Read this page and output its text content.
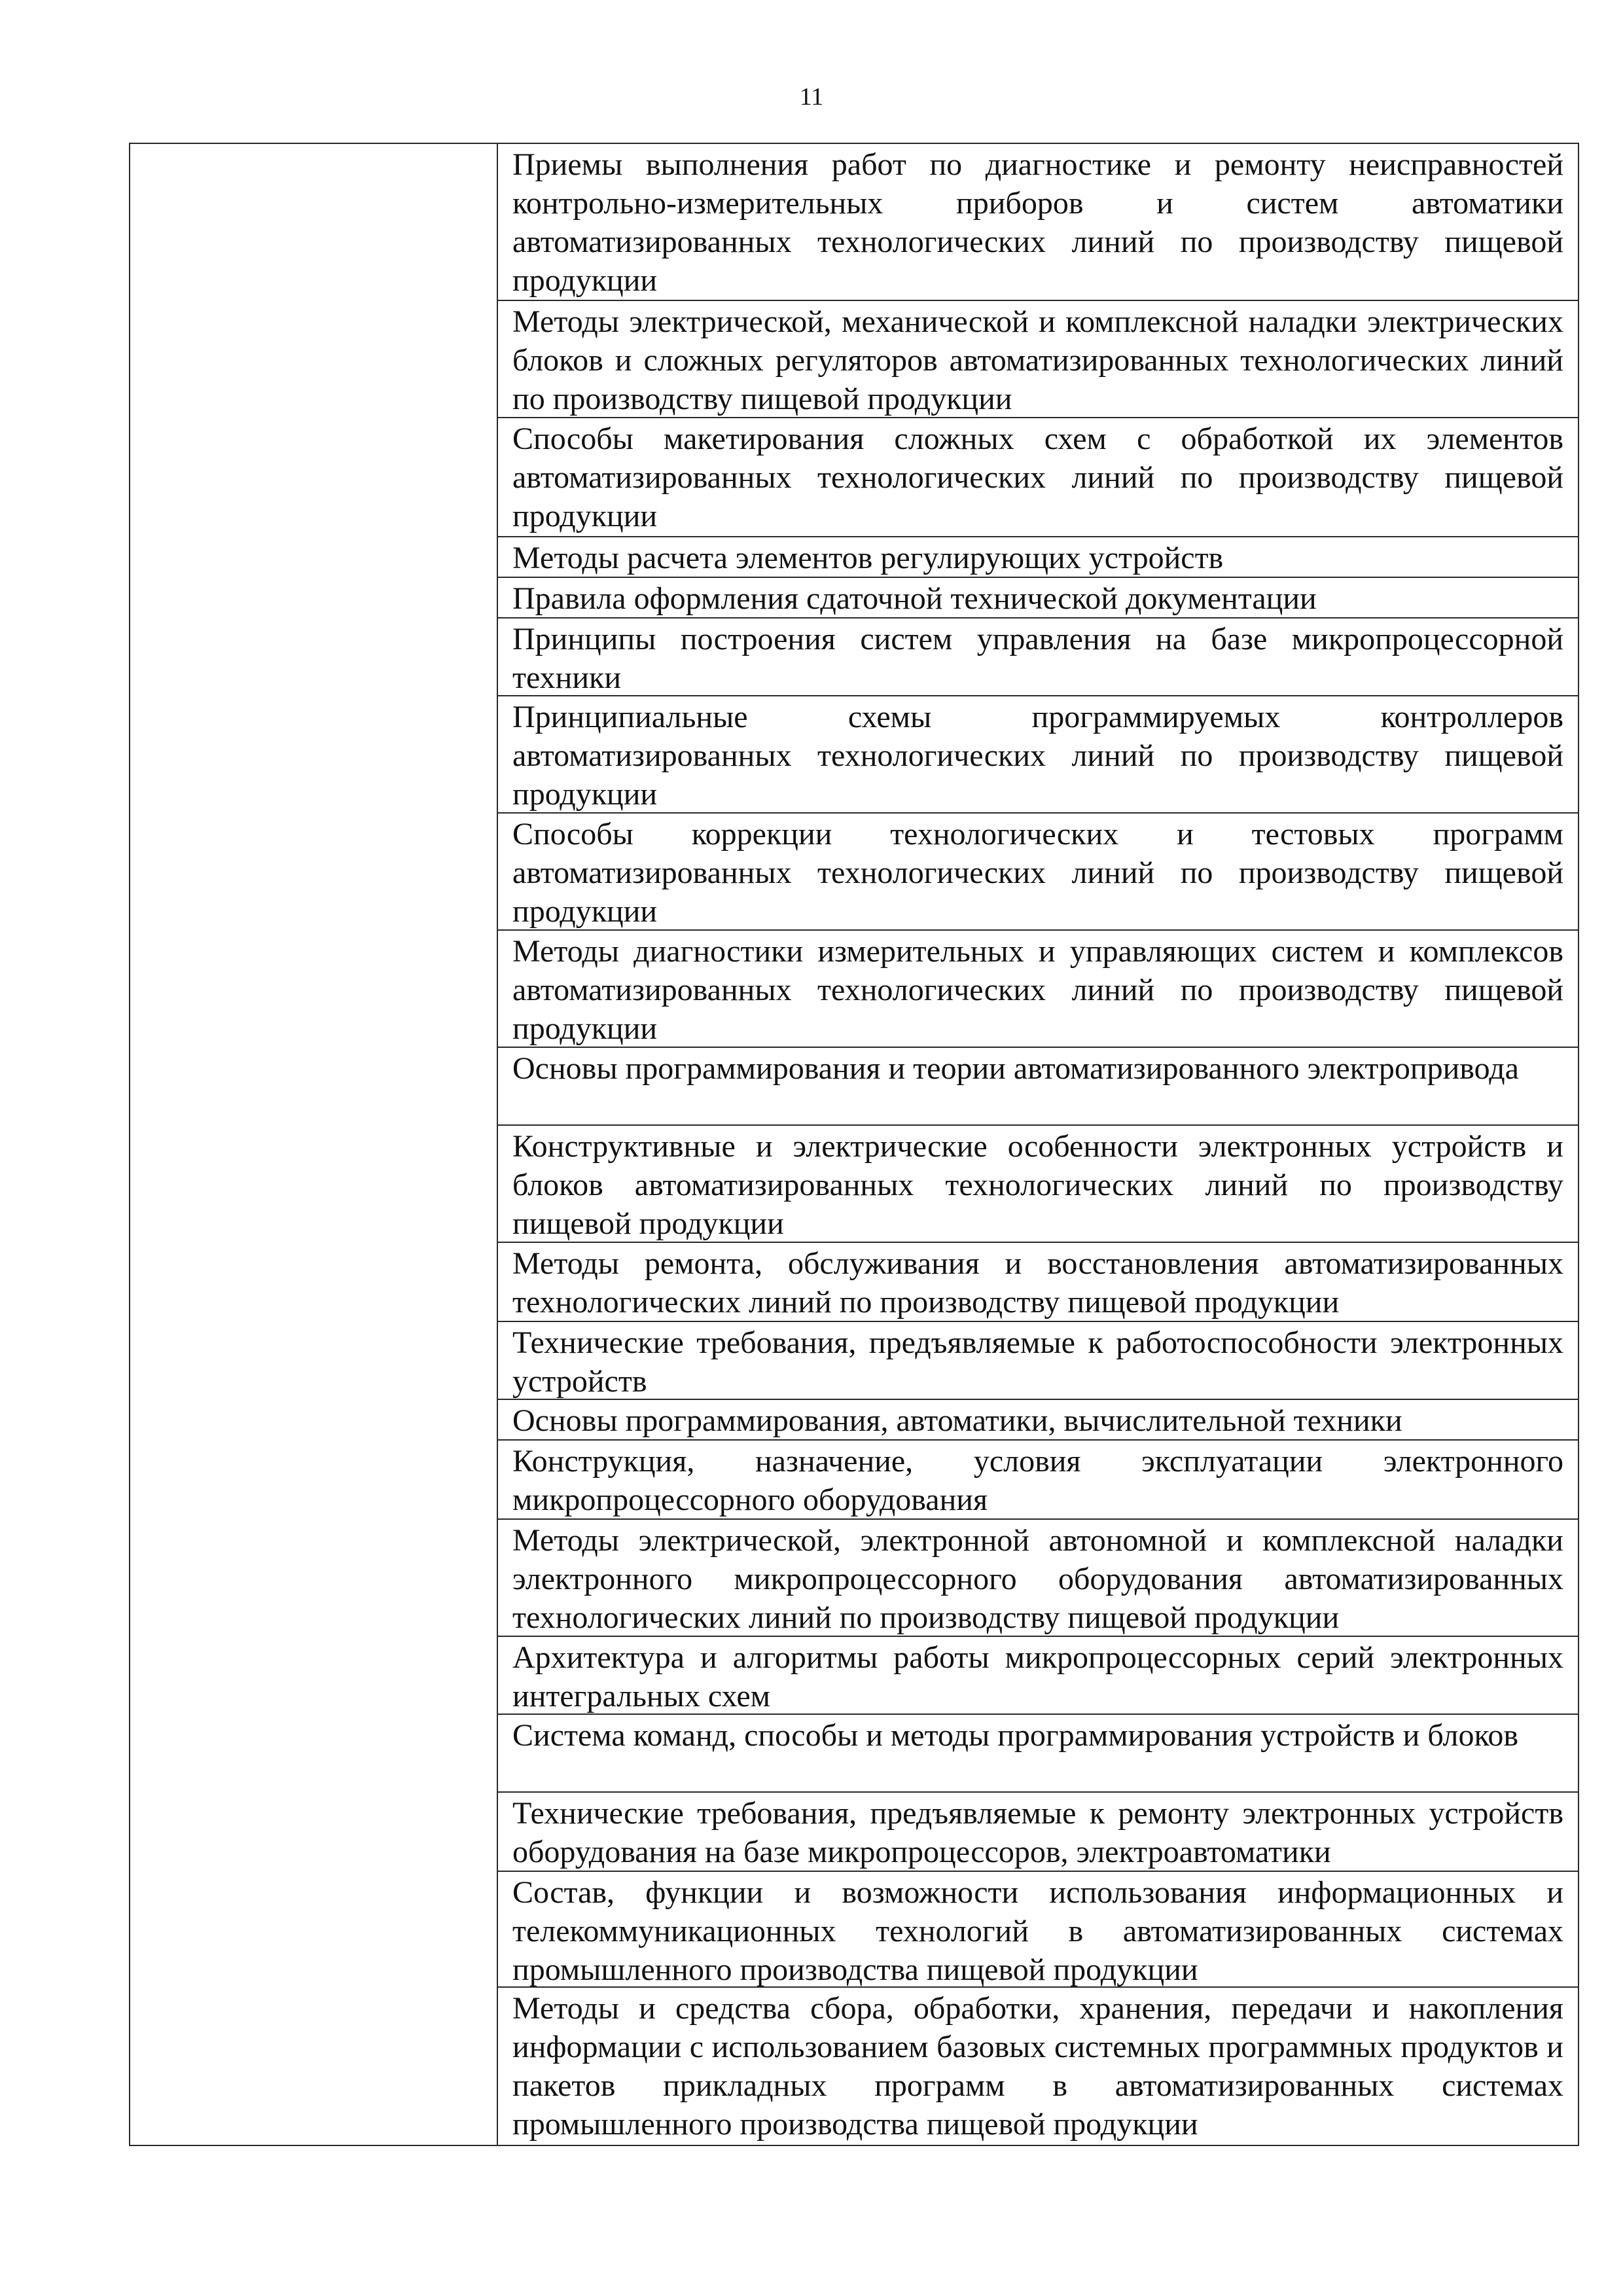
11

Приемы выполнения работ по диагностике и ремонту неисправностей контрольно-измерительных приборов и систем автоматики автоматизированных технологических линий по производству пищевой продукции

Методы электрической, механической и комплексной наладки электрических блоков и сложных регуляторов автоматизированных технологических линий по производству пищевой продукции

Способы макетирования сложных схем с обработкой их элементов автоматизированных технологических линий по производству пищевой продукции

Методы расчета элементов регулирующих устройств

Правила оформления сдаточной технической документации

Принципы построения систем управления на базе микропроцессорной техники

Принципиальные схемы программируемых контроллеров автоматизированных технологических линий по производству пищевой продукции

Способы коррекции технологических и тестовых программ автоматизированных технологических линий по производству пищевой продукции

Методы диагностики измерительных и управляющих систем и комплексов автоматизированных технологических линий по производству пищевой продукции

Основы программирования и теории автоматизированного электропривода

Конструктивные и электрические особенности электронных устройств и блоков автоматизированных технологических линий по производству пищевой продукции

Методы ремонта, обслуживания и восстановления автоматизированных технологических линий по производству пищевой продукции

Технические требования, предъявляемые к работоспособности электронных устройств

Основы программирования, автоматики, вычислительной техники

Конструкция, назначение, условия эксплуатации электронного микропроцессорного оборудования

Методы электрической, электронной автономной и комплексной наладки электронного микропроцессорного оборудования автоматизированных технологических линий по производству пищевой продукции

Архитектура и алгоритмы работы микропроцессорных серий электронных интегральных схем

Система команд, способы и методы программирования устройств и блоков

Технические требования, предъявляемые к ремонту электронных устройств оборудования на базе микропроцессоров, электроавтоматики

Состав, функции и возможности использования информационных и телекоммуникационных технологий в автоматизированных системах промышленного производства пищевой продукции

Методы и средства сбора, обработки, хранения, передачи и накопления информации с использованием базовых системных программных продуктов и пакетов прикладных программ в автоматизированных системах промышленного производства пищевой продукции
